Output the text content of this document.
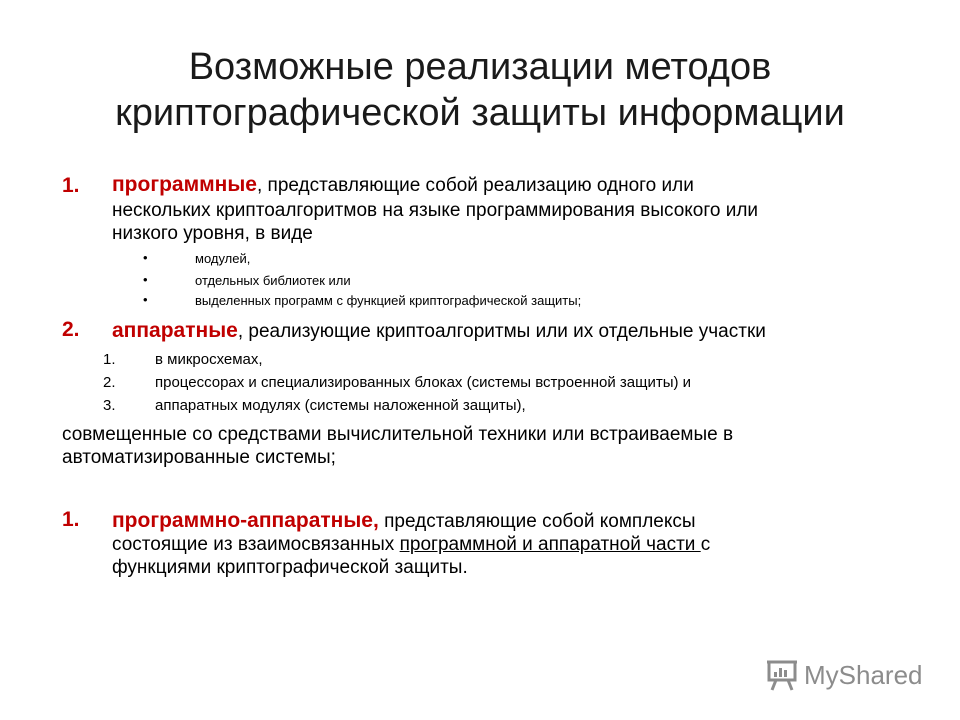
Возможные реализации методов
криптографической защиты информации
1. программные, представляющие собой реализацию одного или
нескольких криптоалгоритмов на языке программирования высокого или
низкого уровня, в виде
•	модулей,
•	отдельных библиотек или
•	выделенных программ с функцией криптографической защиты;
2. аппаратные, реализующие криптоалгоритмы или их отдельные участки
1.	в микросхемах,
2.	процессорах и специализированных блоках (системы встроенной защиты) и
3.	аппаратных модулях (системы наложенной защиты),
совмещенные со средствами вычислительной техники или встраиваемые в
автоматизированные системы;
1. программно-аппаратные, представляющие собой комплексы
состоящие из взаимосвязанных программной и аппаратной части с
функциями криптографической защиты.
MyShared
